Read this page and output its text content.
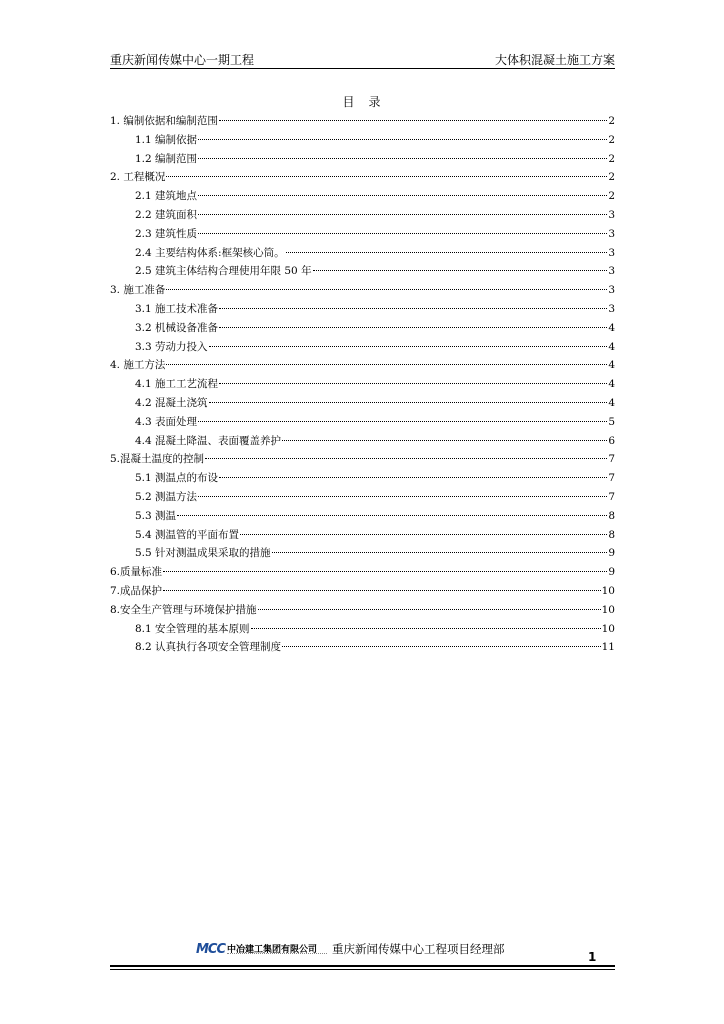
重庆新闻传媒中心一期工程	大体积混凝土施工方案
目　录
1. 编制依据和编制范围	2
1.1 编制依据	2
1.2 编制范围	2
2. 工程概况	2
2.1 建筑地点	2
2.2 建筑面积	3
2.3 建筑性质	3
2.4 主要结构体系:框架核心筒。	3
2.5 建筑主体结构合理使用年限 50 年	3
3. 施工准备	3
3.1 施工技术准备	3
3.2 机械设备准备	4
3.3 劳动力投入	4
4. 施工方法	4
4.1 施工工艺流程	4
4.2 混凝土浇筑	4
4.3 表面处理	5
4.4 混凝土降温、表面覆盖养护	6
5.混凝土温度的控制	7
5.1 测温点的布设	7
5.2 测温方法	7
5.3 测温	8
5.4 测温管的平面布置	8
5.5 针对测温成果采取的措施	9
6.质量标准	9
7.成品保护	10
8.安全生产管理与环境保护措施	10
8.1 安全管理的基本原则	10
8.2 认真执行各项安全管理制度	11
MCC 中冶建工集团有限公司 重庆新闻传媒中心工程项目经理部
1
